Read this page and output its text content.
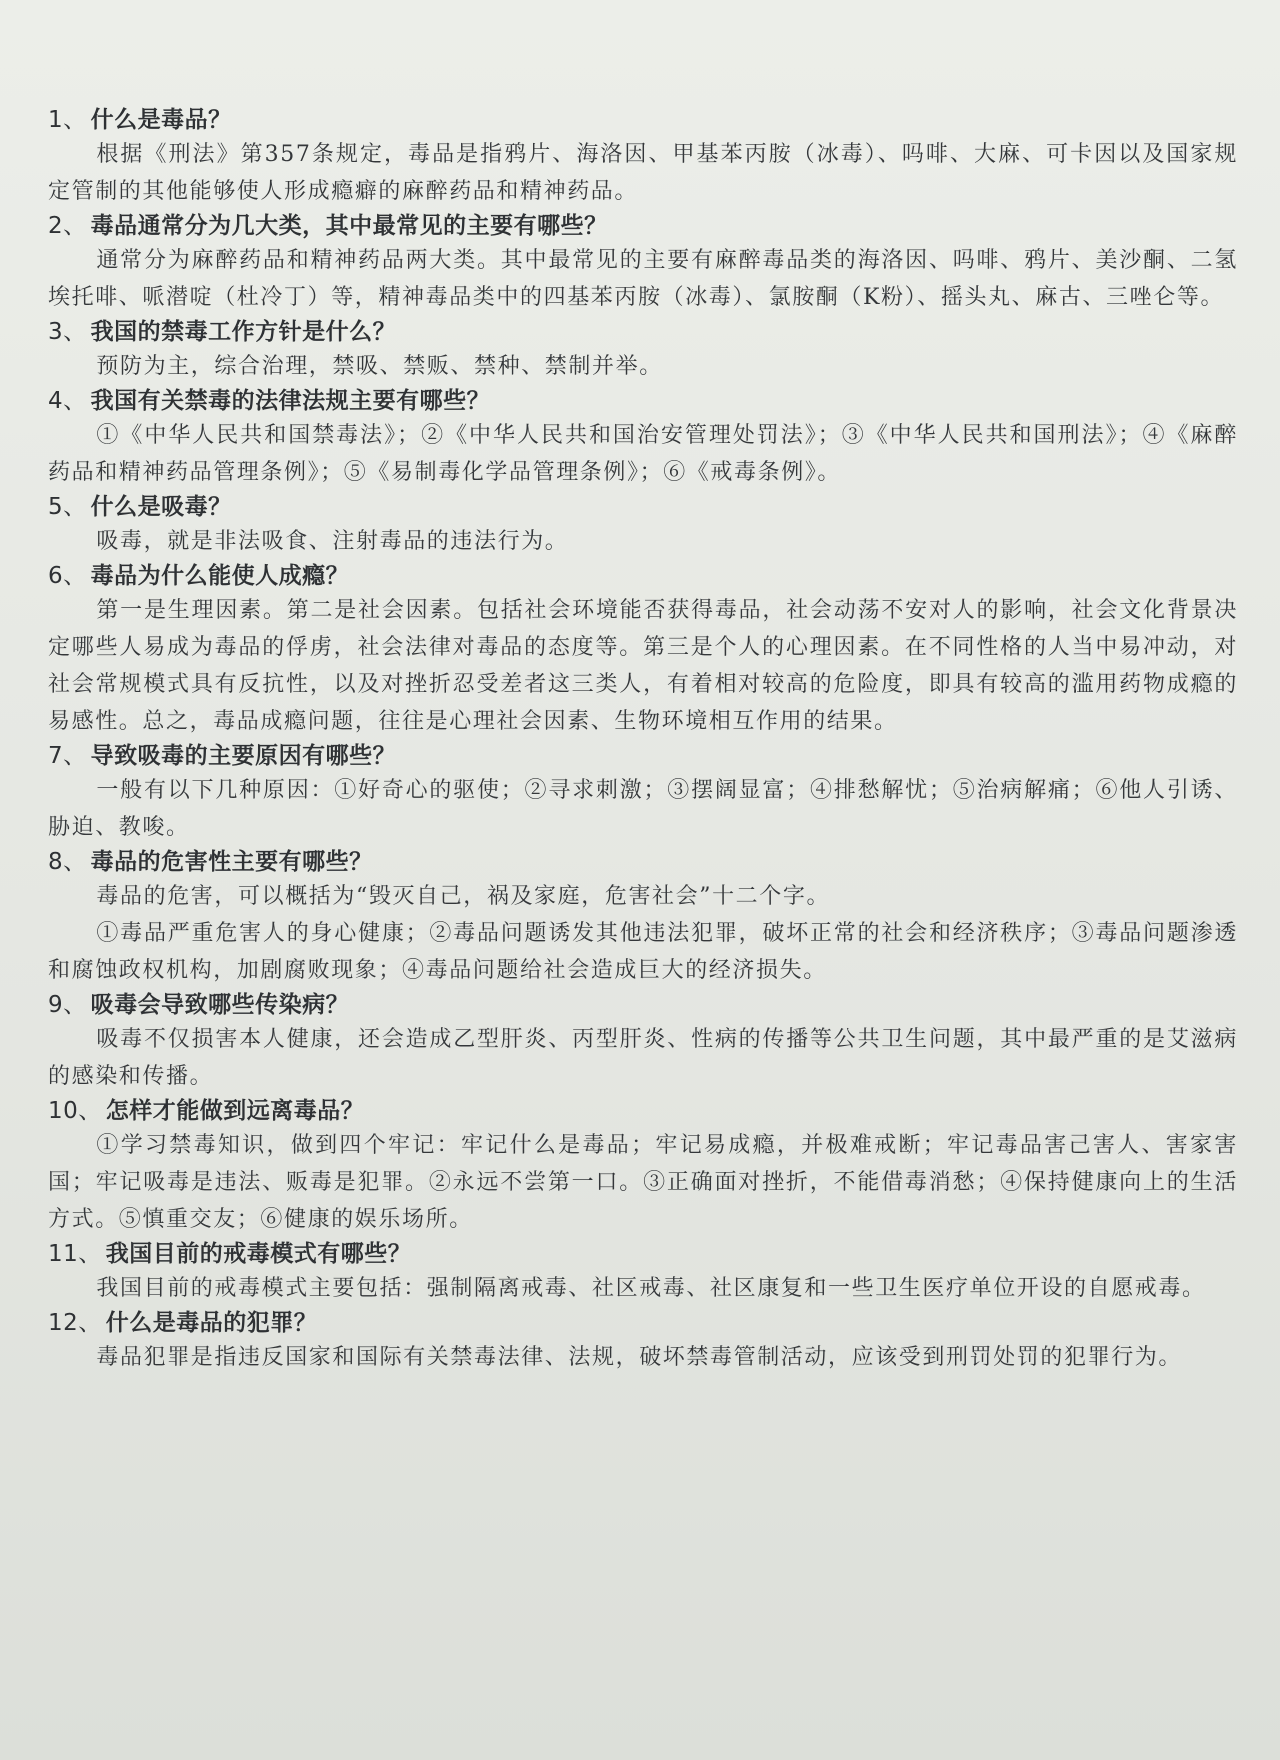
1、 什么是毒品？

根据《刑法》第357条规定，毒品是指鸦片、海洛因、甲基苯丙胺（冰毒）、吗啡、大麻、可卡因以及国家规定管制的其他能够使人形成瘾癖的麻醉药品和精神药品。

2、 毒品通常分为几大类，其中最常见的主要有哪些？

通常分为麻醉药品和精神药品两大类。其中最常见的主要有麻醉毒品类的海洛因、吗啡、鸦片、美沙酮、二氢埃托啡、哌潜啶（杜冷丁）等，精神毒品类中的四基苯丙胺（冰毒）、氯胺酮（K粉）、摇头丸、麻古、三唑仑等。

3、 我国的禁毒工作方针是什么？

预防为主，综合治理，禁吸、禁贩、禁种、禁制并举。

4、 我国有关禁毒的法律法规主要有哪些？

①《中华人民共和国禁毒法》；②《中华人民共和国治安管理处罚法》；③《中华人民共和国刑法》；④《麻醉药品和精神药品管理条例》；⑤《易制毒化学品管理条例》；⑥《戒毒条例》。

5、 什么是吸毒？

吸毒，就是非法吸食、注射毒品的违法行为。

6、 毒品为什么能使人成瘾？

第一是生理因素。第二是社会因素。包括社会环境能否获得毒品，社会动荡不安对人的影响，社会文化背景决定哪些人易成为毒品的俘虏，社会法律对毒品的态度等。第三是个人的心理因素。在不同性格的人当中易冲动，对社会常规模式具有反抗性，以及对挫折忍受差者这三类人，有着相对较高的危险度，即具有较高的滥用药物成瘾的易感性。总之，毒品成瘾问题，往往是心理社会因素、生物环境相互作用的结果。

7、 导致吸毒的主要原因有哪些？

一般有以下几种原因：①好奇心的驱使；②寻求刺激；③摆阔显富；④排愁解忧；⑤治病解痛；⑥他人引诱、胁迫、教唆。

8、 毒品的危害性主要有哪些？

毒品的危害，可以概括为“毁灭自己，祸及家庭，危害社会”十二个字。

①毒品严重危害人的身心健康；②毒品问题诱发其他违法犯罪，破坏正常的社会和经济秩序；③毒品问题渗透和腐蚀政权机构，加剧腐败现象；④毒品问题给社会造成巨大的经济损失。

9、 吸毒会导致哪些传染病？

吸毒不仅损害本人健康，还会造成乙型肝炎、丙型肝炎、性病的传播等公共卫生问题，其中最严重的是艾滋病的感染和传播。

10、 怎样才能做到远离毒品？

①学习禁毒知识，做到四个牢记：牢记什么是毒品；牢记易成瘾，并极难戒断；牢记毒品害己害人、害家害国；牢记吸毒是违法、贩毒是犯罪。②永远不尝第一口。③正确面对挫折，不能借毒消愁；④保持健康向上的生活方式。⑤慎重交友；⑥健康的娱乐场所。

11、 我国目前的戒毒模式有哪些？

我国目前的戒毒模式主要包括：强制隔离戒毒、社区戒毒、社区康复和一些卫生医疗单位开设的自愿戒毒。

12、 什么是毒品的犯罪？

毒品犯罪是指违反国家和国际有关禁毒法律、法规，破坏禁毒管制活动，应该受到刑罚处罚的犯罪行为。
